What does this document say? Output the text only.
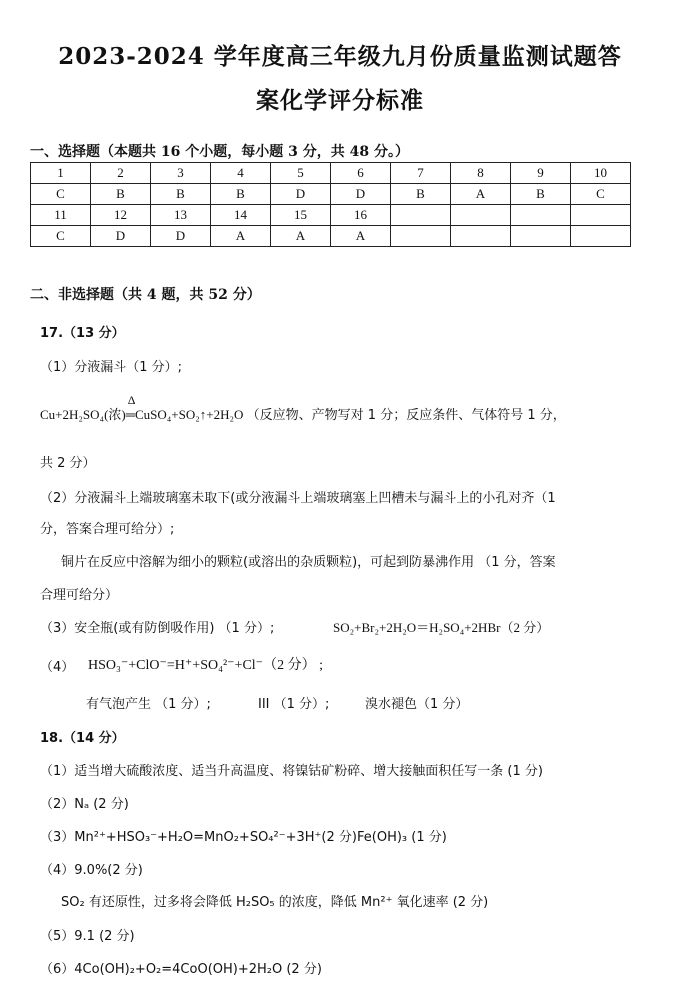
2023-2024 学年度高三年级九月份质量监测试题答
案化学评分标准
一、选择题（本题共 16 个小题，每小题 3 分，共 48 分。）
1	2	3	4	5	6	7	8	9	10
C	B	B	B	D	D	B	A	B	C
11	12	13	14	15	16				
C	D	D	A	A	A				
二、非选择题（共 4 题，共 52 分）
17.（13 分）
（1）分液漏斗（1 分）;
Cu+2H₂SO₄(浓)
Δ
═CuSO₄+SO₂↑+2H₂O （反应物、产物写对 1 分；反应条件、气体符号 1 分，
共 2 分）
（2）分液漏斗上端玻璃塞未取下(或分液漏斗上端玻璃塞上凹槽未与漏斗上的小孔对齐（1
分，答案合理可给分）;
铜片在反应中溶解为细小的颗粒(或溶出的杂质颗粒)，可起到防暴沸作用 （1 分，答案
合理可给分）
（3）安全瓶(或有防倒吸作用) （1 分）;	SO₂+Br₂+2H₂O＝H₂SO₄+2HBr（2 分）
（4） HSO₃⁻+ClO⁻=H⁺+SO₄²⁻+Cl⁻（2 分） ;
有气泡产生 （1 分）;	III （1 分）;	溴水褪色（1 分）
18.（14 分）
（1）适当增大硫酸浓度、适当升高温度、将镍钴矿粉碎、增大接触面积任写一条 (1 分)
（2）Nₐ (2 分)
（3）Mn²⁺+HSO₃⁻+H₂O=MnO₂+SO₄²⁻+3H⁺(2 分) Fe(OH)₃ (1 分)
（4）9.0%(2 分)
SO₂ 有还原性，过多将会降低 H₂SO₅ 的浓度，降低 Mn²⁺ 氧化速率 (2 分)
（5）9.1 (2 分)
（6）4Co(OH)₂+O₂=4CoO(OH)+2H₂O (2 分)
